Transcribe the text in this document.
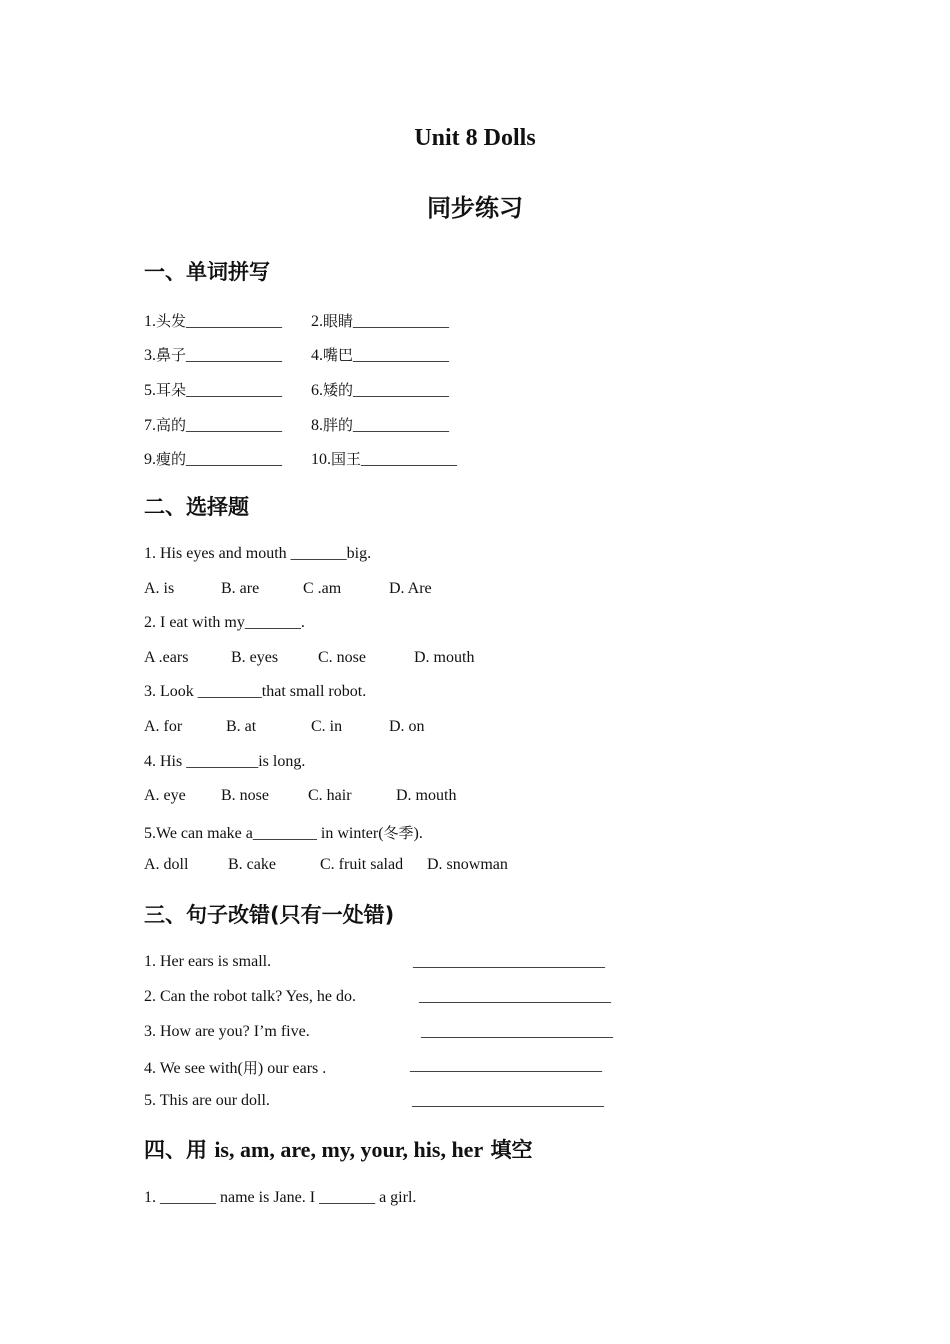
Unit 8 Dolls
同步练习
一、单词拼写
1.头发____________ 2.眼睛____________
3.鼻子____________ 4.嘴巴____________
5.耳朵____________ 6.矮的____________
7.高的____________ 8.胖的____________
9.瘦的____________ 10.国王____________
二、选择题
1. His eyes and mouth _______big.
A. is	B. are	C .am	D. Are
2. I eat with my_______.
A .ears	B. eyes C. nose	D. mouth
3. Look ________that small robot.
A. for	B. at	C. in	D. on
4. His _________is long.
A. eye B. nose C. hair	D. mouth
5.We can make a________ in winter(冬季).
A. doll B. cake	C. fruit salad D. snowman
三、句子改错(只有一处错)
1. Her ears is small.	________________________
2. Can the robot talk? Yes, he do.	________________________
3. How are you? I’m five.	________________________
4. We see with(用) our ears .	________________________
5. This are our doll.	________________________
四、用 is, am, are, my, your, his, her 填空
1. _______ name is Jane. I _______ a girl.
